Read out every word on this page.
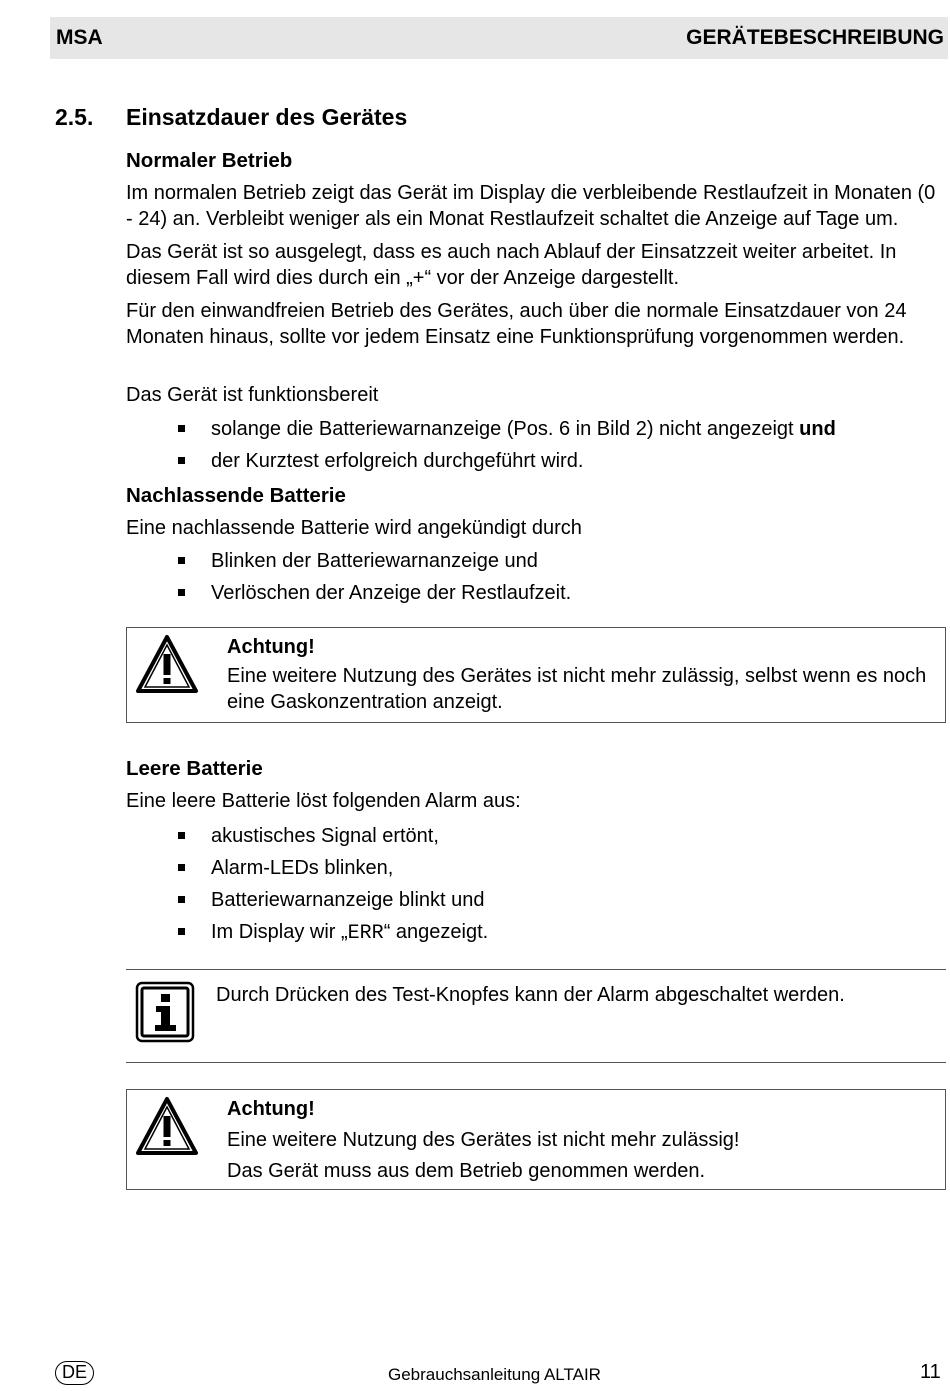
MSA	GERÄTEBESCHREIBUNG
2.5. Einsatzdauer des Gerätes
Normaler Betrieb

Im normalen Betrieb zeigt das Gerät im Display die verbleibende Restlaufzeit in Monaten (0 - 24) an. Verbleibt weniger als ein Monat Restlaufzeit schaltet die Anzeige auf Tage um.

Das Gerät ist so ausgelegt, dass es auch nach Ablauf der Einsatzzeit weiter arbeitet. In diesem Fall wird dies durch ein „+“ vor der Anzeige dargestellt.

Für den einwandfreien Betrieb des Gerätes, auch über die normale Einsatzdauer von 24 Monaten hinaus, sollte vor jedem Einsatz eine Funktionsprüfung vorgenommen werden.

Das Gerät ist funktionsbereit

solange die Batteriewarnanzeige (Pos. 6 in Bild 2) nicht angezeigt und
der Kurztest erfolgreich durchgeführt wird.
Nachlassende Batterie

Eine nachlassende Batterie wird angekündigt durch

Blinken der Batteriewarnanzeige und
Verlöschen der Anzeige der Restlaufzeit.
Achtung!
Eine weitere Nutzung des Gerätes ist nicht mehr zulässig, selbst wenn es noch eine Gaskonzentration anzeigt.
Leere Batterie

Eine leere Batterie löst folgenden Alarm aus:

akustisches Signal ertönt,
Alarm-LEDs blinken,
Batteriewarnanzeige blinkt und
Im Display wir „ERR“ angezeigt.
Durch Drücken des Test-Knopfes kann der Alarm abgeschaltet werden.
Achtung!
Eine weitere Nutzung des Gerätes ist nicht mehr zulässig!
Das Gerät muss aus dem Betrieb genommen werden.
DE	Gebrauchsanleitung ALTAIR	11
